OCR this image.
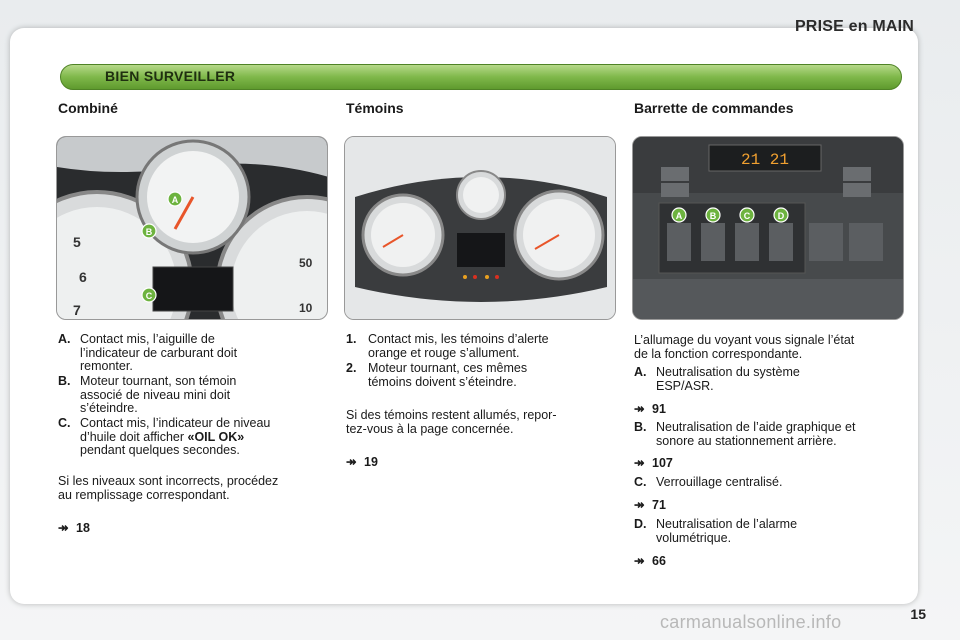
PRISE en MAIN
BIEN SURVEILLER
Combiné	Témoins	Barrette de commandes
5
6
7
50
10
A
B
C
21 21
A	B	C	D
A. Contact mis, l’aiguille de
l’indicateur de carburant doit
remonter.
B. Moteur tournant, son témoin
associé de niveau mini doit
s’éteindre.
C. Contact mis, l’indicateur de niveau
d’huile doit afficher «OIL OK»
pendant quelques secondes.
Si les niveaux sont incorrects, procédez
au remplissage correspondant.
↠ 18
1. Contact mis, les témoins d’alerte
orange et rouge s’allument.
2. Moteur tournant, ces mêmes
témoins doivent s’éteindre.
Si des témoins restent allumés, repor-
tez-vous à la page concernée.
↠ 19
L’allumage du voyant vous signale l’état
de la fonction correspondante.
A. Neutralisation du système
ESP/ASR.
↠ 91
B. Neutralisation de l’aide graphique et
sonore au stationnement arrière.
↠ 107
C. Verrouillage centralisé.
↠ 71
D. Neutralisation de l’alarme
volumétrique.
↠ 66
carmanualsonline.info	15
